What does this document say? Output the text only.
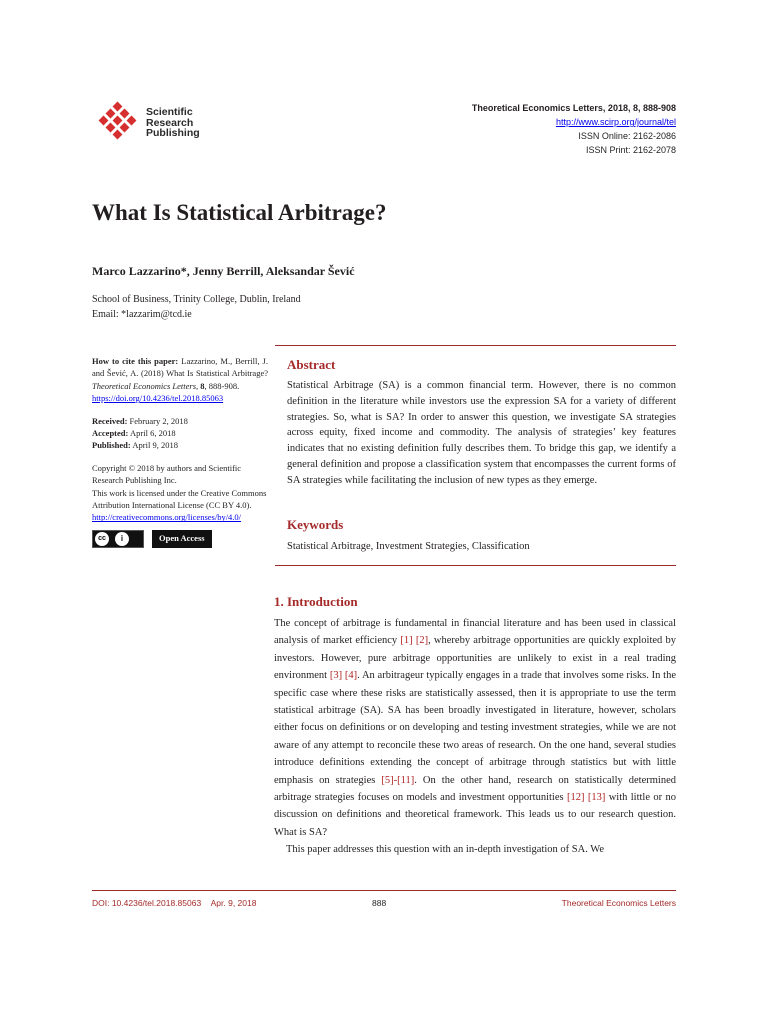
Scientific
Research
Publishing
Theoretical Economics Letters, 2018, 8, 888-908
http://www.scirp.org/journal/tel
ISSN Online: 2162-2086
ISSN Print: 2162-2078
What Is Statistical Arbitrage?
Marco Lazzarino*, Jenny Berrill, Aleksandar Šević
School of Business, Trinity College, Dublin, Ireland
Email: *lazzarim@tcd.ie

How to cite this paper: Lazzarino, M., Berrill, J. and Šević, A. (2018) What Is Statistical Arbitrage? Theoretical Economics Letters, 8, 888-908.
https://doi.org/10.4236/tel.2018.85063

Received: February 2, 2018
Accepted: April 6, 2018
Published: April 9, 2018

Copyright © 2018 by authors and Scientific Research Publishing Inc.
This work is licensed under the Creative Commons Attribution International License (CC BY 4.0).
http://creativecommons.org/licenses/by/4.0/
cc	i	Open Access
Abstract
Statistical Arbitrage (SA) is a common financial term. However, there is no common definition in the literature while investors use the expression SA for a variety of different strategies. So, what is SA? In order to answer this question, we investigate SA strategies across equity, fixed income and commodity. The analysis of strategies’ key features indicates that no existing definition fully describes them. To bridge this gap, we identify a general definition and propose a classification system that encompasses the current forms of SA strategies while facilitating the inclusion of new types as they emerge.
Keywords
Statistical Arbitrage, Investment Strategies, Classification
1. Introduction

The concept of arbitrage is fundamental in financial literature and has been used in classical analysis of market efficiency [1] [2], whereby arbitrage opportunities are quickly exploited by investors. However, pure arbitrage opportunities are unlikely to exist in a real trading environment [3] [4]. An arbitrageur typically engages in a trade that involves some risks. In the specific case where these risks are statistically assessed, then it is appropriate to use the term statistical arbitrage (SA). SA has been broadly investigated in literature, however, scholars either focus on definitions or on developing and testing investment strategies, while we are not aware of any attempt to reconcile these two areas of research. On the one hand, several studies introduce definitions extending the concept of arbitrage through statistics but with little emphasis on strategies [5]-[11]. On the other hand, research on statistically determined arbitrage strategies focuses on models and investment opportunities [12] [13] with little or no discussion on definitions and theoretical framework. This leads us to our research question. What is SA?

This paper addresses this question with an in-depth investigation of SA. We

DOI: 10.4236/tel.2018.85063 Apr. 9, 2018	888	Theoretical Economics Letters
